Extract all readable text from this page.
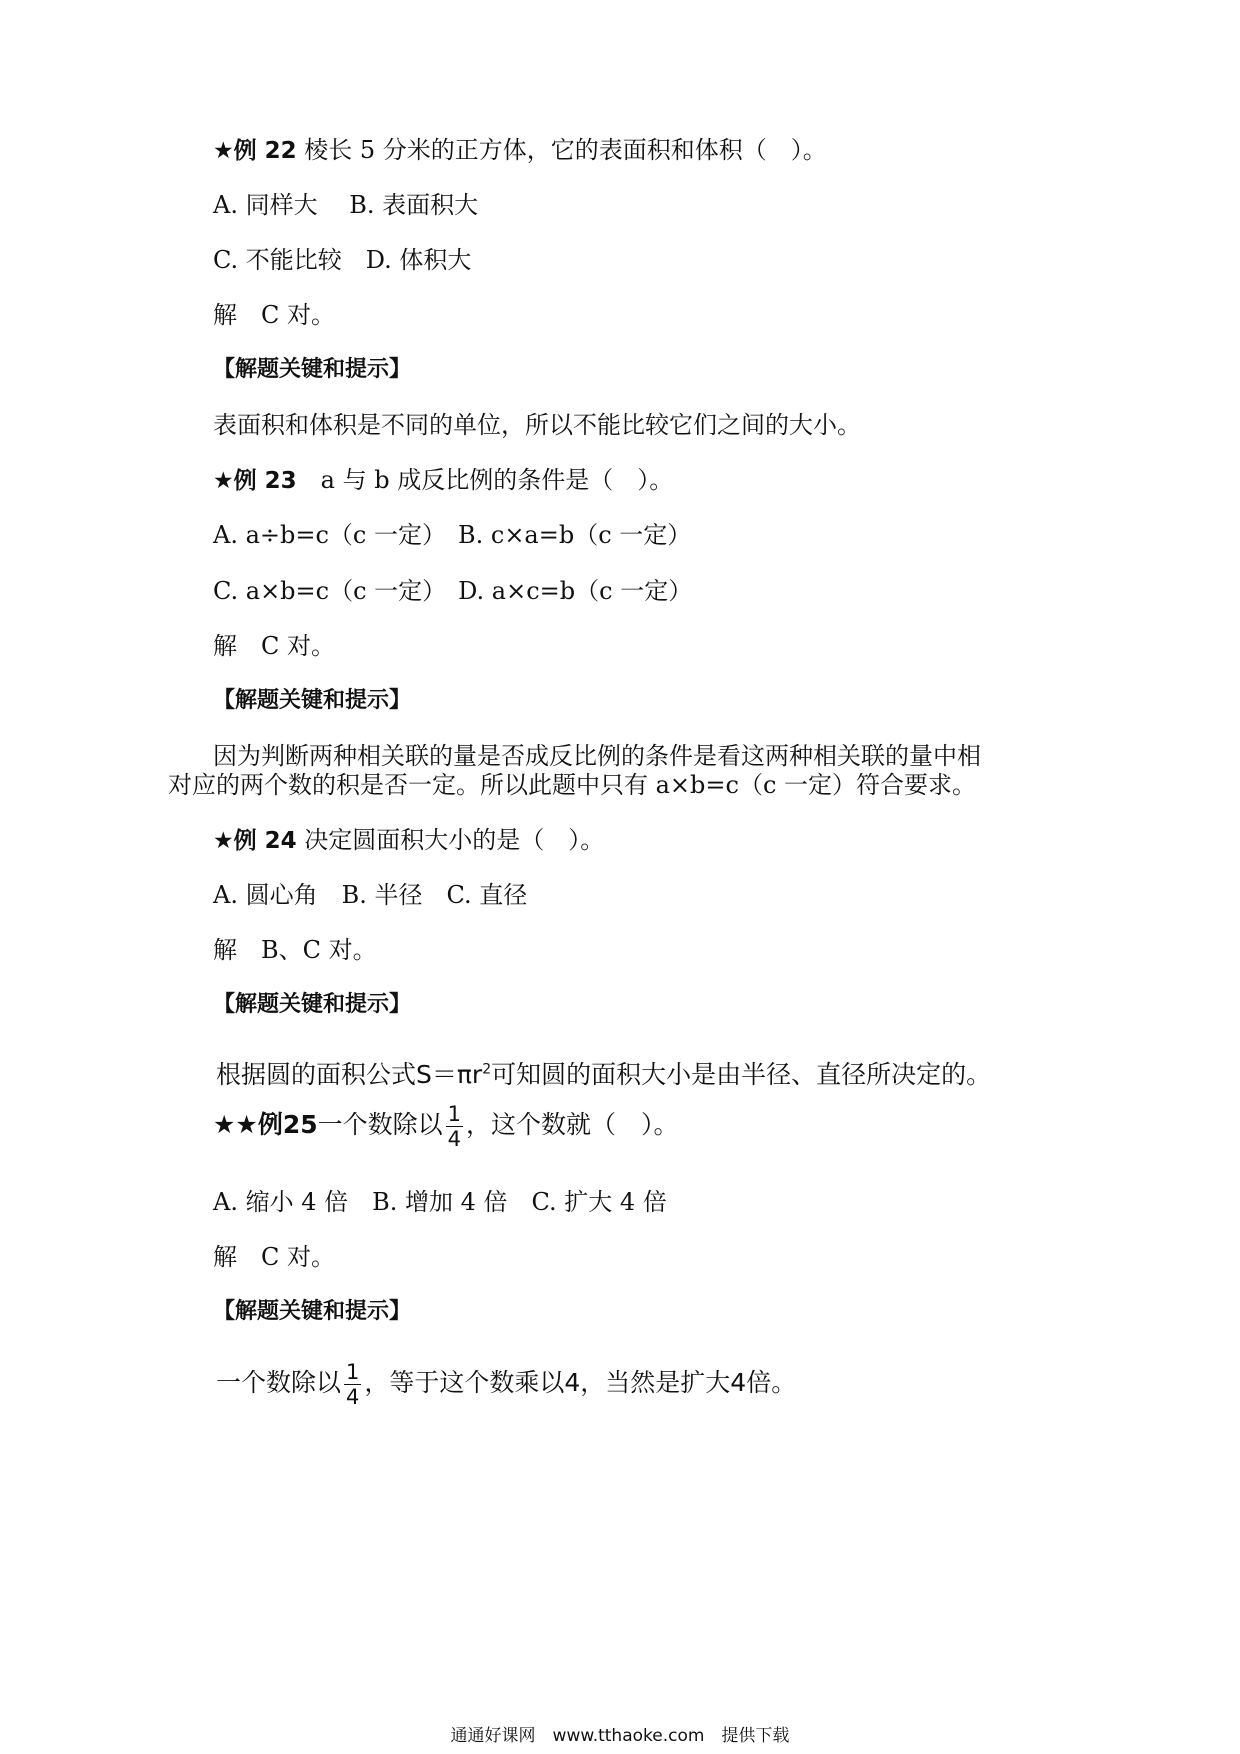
★例 22 棱长 5 分米的正方体，它的表面积和体积（　）。
A. 同样大　 B. 表面积大
C. 不能比较　D. 体积大
解　C 对。
【解题关键和提示】
表面积和体积是不同的单位，所以不能比较它们之间的大小。
★例 23　a 与 b 成反比例的条件是（　）。
A. a÷b=c（c 一定）　B. c×a=b（c 一定）
C. a×b=c（c 一定）　D. a×c=b（c 一定）
解　C 对。
【解题关键和提示】
因为判断两种相关联的量是否成反比例的条件是看这两种相关联的量中相
对应的两个数的积是否一定。所以此题中只有 a×b=c（c 一定）符合要求。
★例 24 决定圆面积大小的是（　）。
A. 圆心角　B. 半径　C. 直径
解　B、C 对。
【解题关键和提示】
根据圆的面积公式$S=\pi r^2$可知圆的面积大小是由半径、直径所决定的。
★★例25一个数除以 $\frac{1}{4}$ ，这个数就（　）。
A. 缩小 4 倍　B. 增加 4 倍　C. 扩大 4 倍
解　C 对。
【解题关键和提示】
一个数除以 $\frac{1}{4}$ ，等于这个数乘以4，当然是扩大4倍。
通通好课网　www.tthaoke.com　提供下载
